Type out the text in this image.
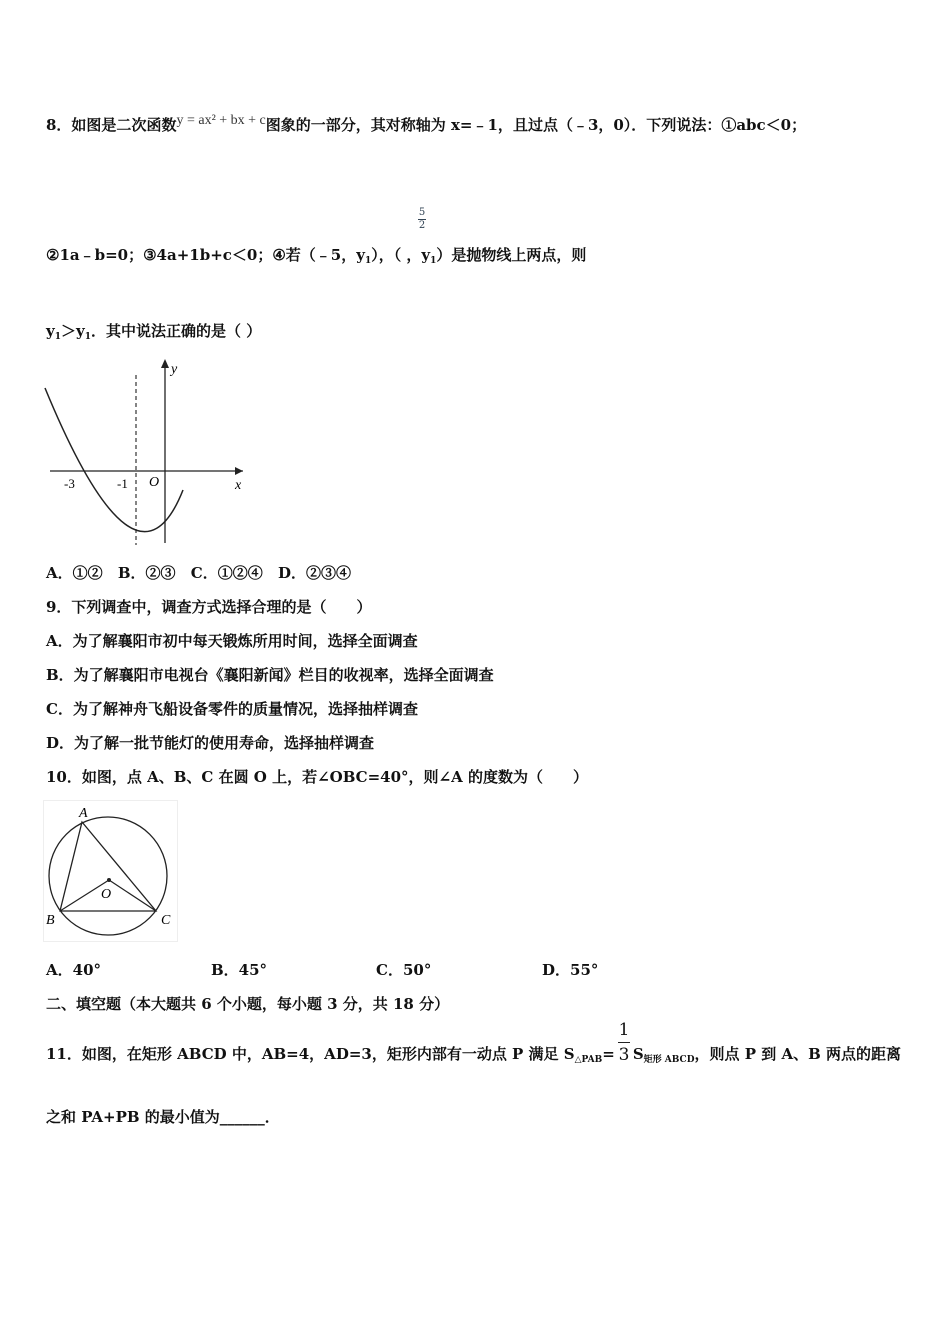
8．如图是二次函数y = ax² + bx + c图象的一部分，其对称轴为 x=﹣1，且过点（﹣3，0）．下列说法：①abc＜0；
5
2
②1a﹣b=0；③4a+1b+c＜0；④若（﹣5，$y_1$），（ ，$y_1$）是抛物线上两点，则
$y_1>y_1$．其中说法正确的是（ ）
y
x
O
-3	-1
A．①② B．②③ C．①②④ D．②③④
9．下列调查中，调查方式选择合理的是（　　）
A．为了解襄阳市初中每天锻炼所用时间，选择全面调查
B．为了解襄阳市电视台《襄阳新闻》栏目的收视率，选择全面调查
C．为了解神舟飞船设备零件的质量情况，选择抽样调查
D．为了解一批节能灯的使用寿命，选择抽样调查
10．如图，点 A、B、C 在圆 O 上，若∠OBC=40°，则∠A 的度数为（　　）
A
B	C
O
A．40°	B．45°	C．50°	D．55°
二、填空题（本大题共 6 个小题，每小题 3 分，共 18 分）
11．如图，在矩形 ABCD 中，AB=4，AD=3，矩形内部有一动点 P 满足 $S_{\triangle PAB}= S_{矩形 ABCD}$，则点 P 到 A、B 两点的距离
1
3
之和 PA+PB 的最小值为______．
